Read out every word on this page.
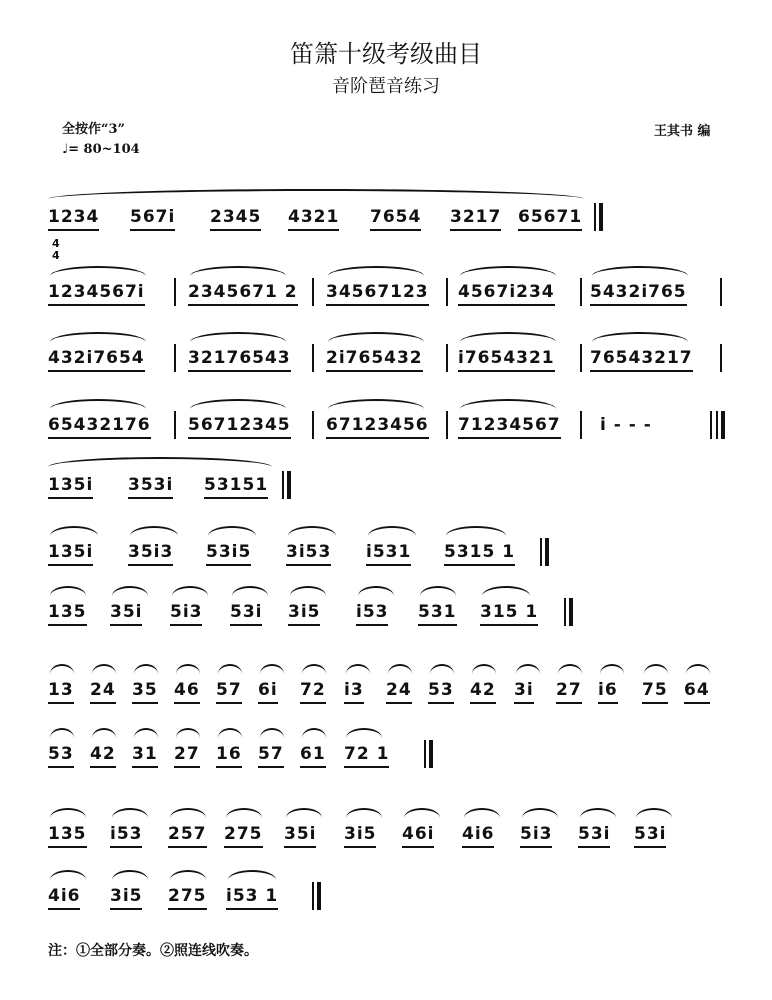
笛箫十级考级曲目
音阶琶音练习
全按作“3”
♩= 80~104
王其书 编
4
4
1234 567i 2345 4321 7654 3217 65671
1234567i	2345671 2 34567123 4567i234 5432i765
432i7654	32176543 2i765432 i7654321 76543217
65432176 56712345 67123456 71234567 i - - -
135i 353i 53151
135i 35i3 53i5 3i53 i531 5315 1
135 35i 5i3 53i 3i5 i53 531 315 1
13 24 35 46 57 6i 72 i3 24 53 42 3i 27 i6 75 64
53 42 31 27 16 57 61 72 1
135 i53 257 275 35i 3i5 46i 4i6 5i3 53i 53i
4i6 3i5 275 i53 1
注：①全部分奏。②照连线吹奏。
